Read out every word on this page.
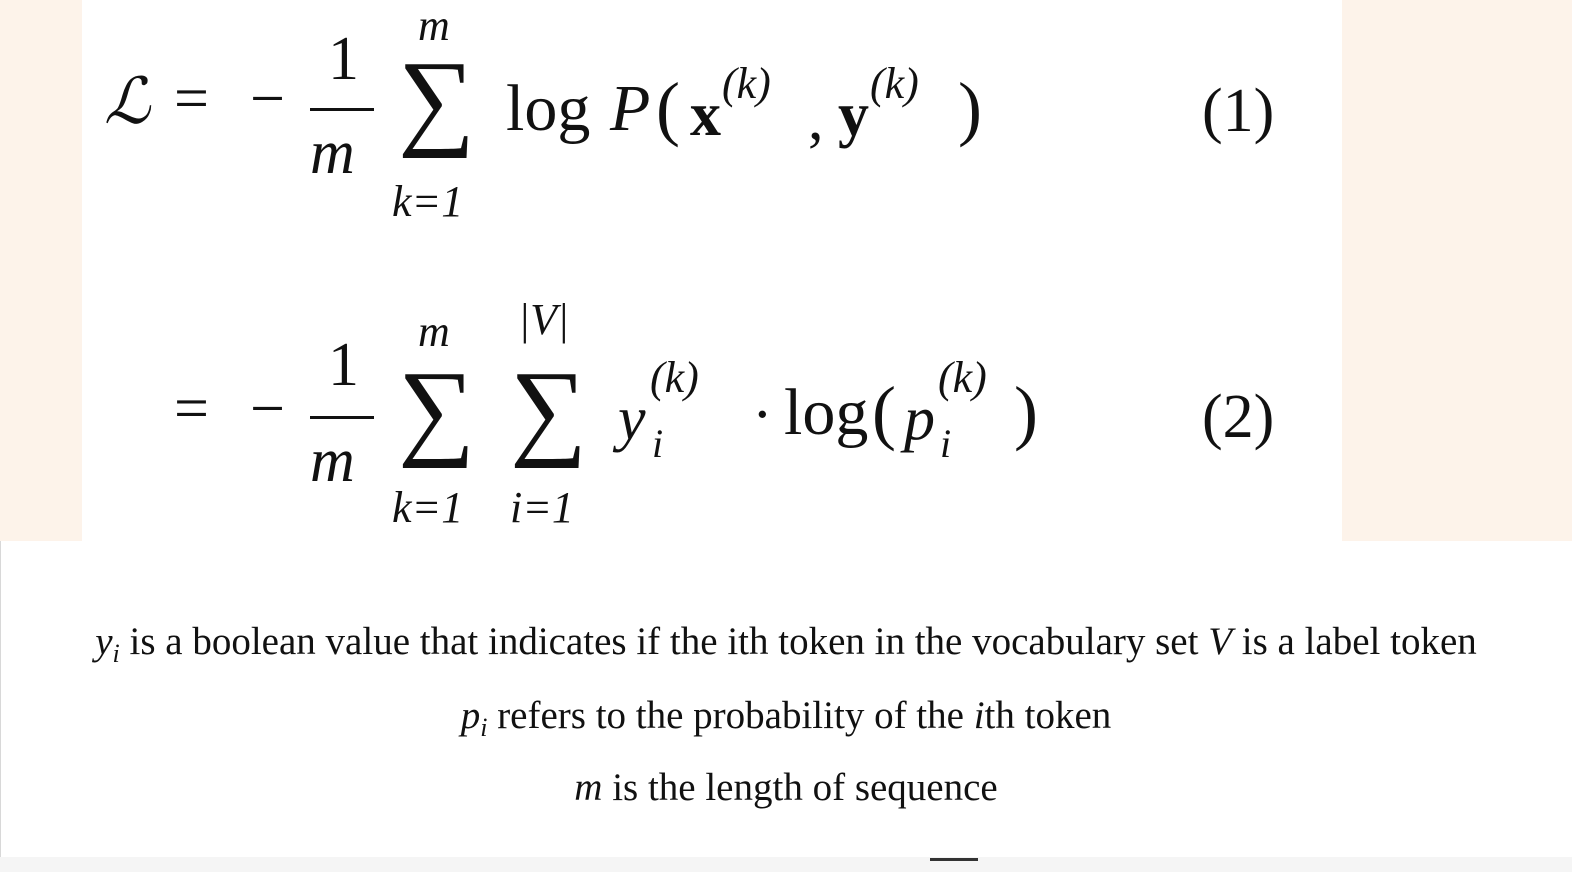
ℒ = −
1
m
m
∑
k=1
log P ( x (k)
, y (k) )	(1)
= −
1
m
m
∑
k=1
|V|
∑
i=1
y
(k)
i · log ( p
(k)
i )	(2)
$y_i$ is a boolean value that indicates if the ith token in the vocabulary set V is a label token
$p_i$ refers to the probability of the ith token
m is the length of sequence
